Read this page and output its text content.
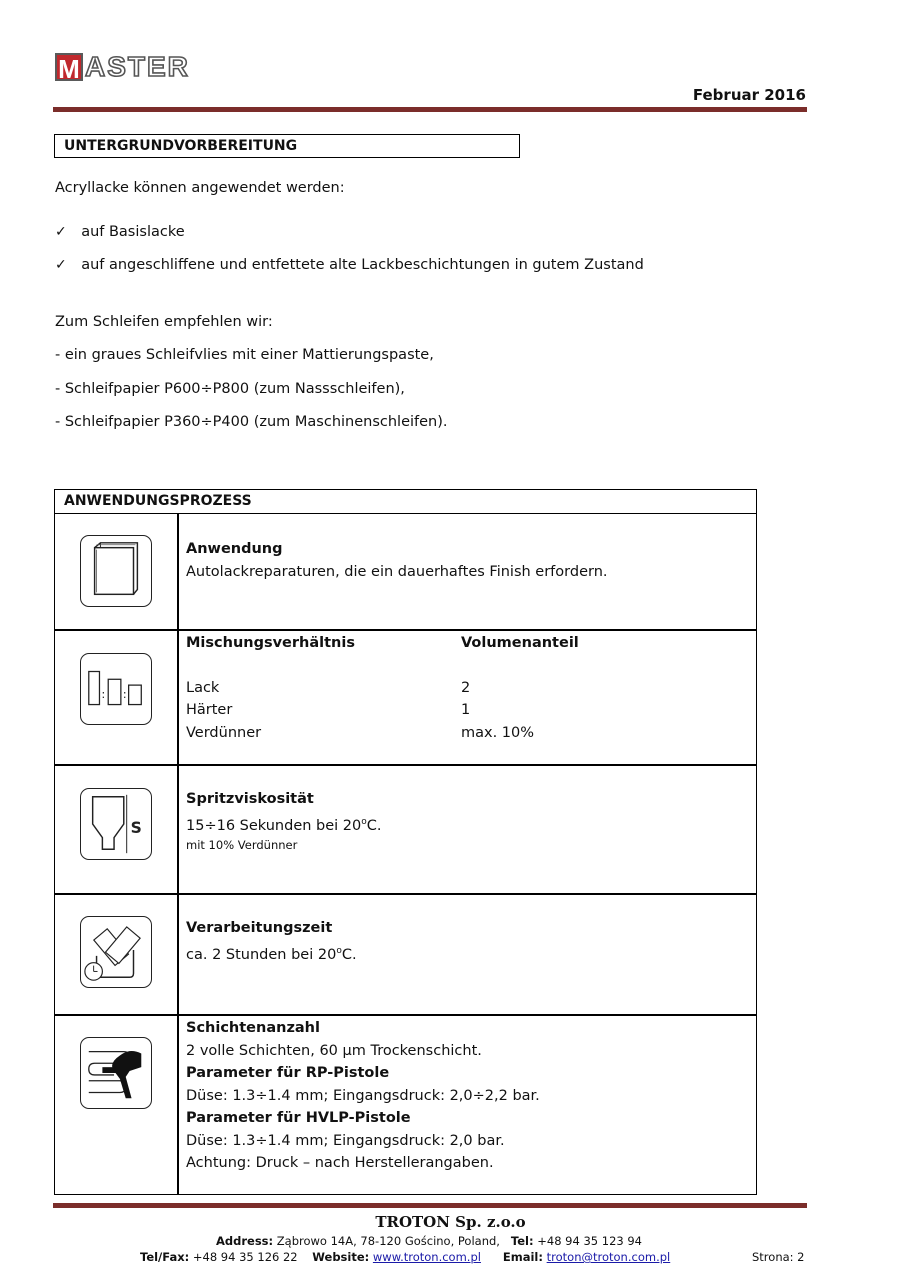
M ASTER
Februar 2016
UNTERGRUNDVORBEREITUNG
Acryllacke können angewendet werden:
✓ auf Basislacke
✓ auf angeschliffene und entfettete alte Lackbeschichtungen in gutem Zustand
Zum Schleifen empfehlen wir:
- ein graues Schleifvlies mit einer Mattierungspaste,
- Schleifpapier P600÷P800 (zum Nassschleifen),
- Schleifpapier P360÷P400 (zum Maschinenschleifen).
ANWENDUNGSPROZESS
Anwendung
Autolackreparaturen, die ein dauerhaftes Finish erfordern.
: :
Mischungsverhältnis
Lack
Härter
Verdünner
Volumenanteil
2
1
max. 10%
S
Spritzviskosität
15÷16 Sekunden bei 20$^o$C.
mit 10% Verdünner
Verarbeitungszeit
ca. 2 Stunden bei 20$^o$C.
Schichtenanzahl
2 volle Schichten, 60 µm Trockenschicht.
Parameter für RP-Pistole
Düse: 1.3÷1.4 mm; Eingangsdruck: 2,0÷2,2 bar.
Parameter für HVLP-Pistole
Düse: 1.3÷1.4 mm; Eingangsdruck: 2,0 bar.
Achtung: Druck – nach Herstellerangaben.
TROTON Sp. z.o.o
Address: Ząbrowo 14A, 78-120 Gościno, Poland, Tel: +48 94 35 123 94
Tel/Fax: +48 94 35 126 22 Website: www.troton.com.pl Email: troton@troton.com.pl	Strona: 2
